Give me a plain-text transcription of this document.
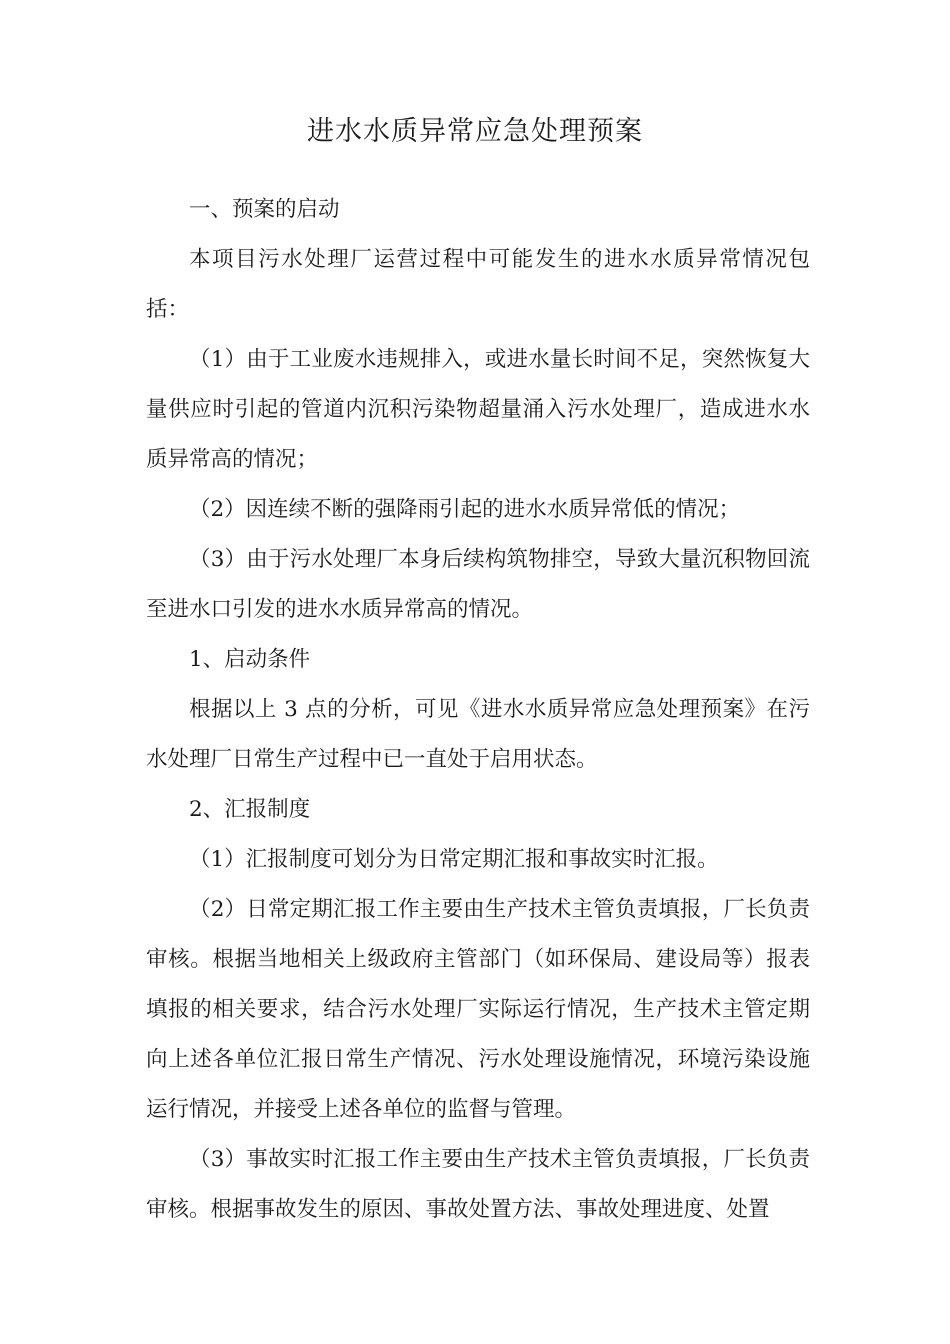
进水水质异常应急处理预案

一、预案的启动

本项目污水处理厂运营过程中可能发生的进水水质异常情况包括：

（1）由于工业废水违规排入，或进水量长时间不足，突然恢复大量供应时引起的管道内沉积污染物超量涌入污水处理厂，造成进水水质异常高的情况；

（2）因连续不断的强降雨引起的进水水质异常低的情况；

（3）由于污水处理厂本身后续构筑物排空，导致大量沉积物回流至进水口引发的进水水质异常高的情况。

1、启动条件

根据以上 3 点的分析，可见《进水水质异常应急处理预案》在污水处理厂日常生产过程中已一直处于启用状态。

2、汇报制度

（1）汇报制度可划分为日常定期汇报和事故实时汇报。

（2）日常定期汇报工作主要由生产技术主管负责填报，厂长负责审核。根据当地相关上级政府主管部门（如环保局、建设局等）报表填报的相关要求，结合污水处理厂实际运行情况，生产技术主管定期向上述各单位汇报日常生产情况、污水处理设施情况，环境污染设施运行情况，并接受上述各单位的监督与管理。

（3）事故实时汇报工作主要由生产技术主管负责填报，厂长负责审核。根据事故发生的原因、事故处置方法、事故处理进度、处置
